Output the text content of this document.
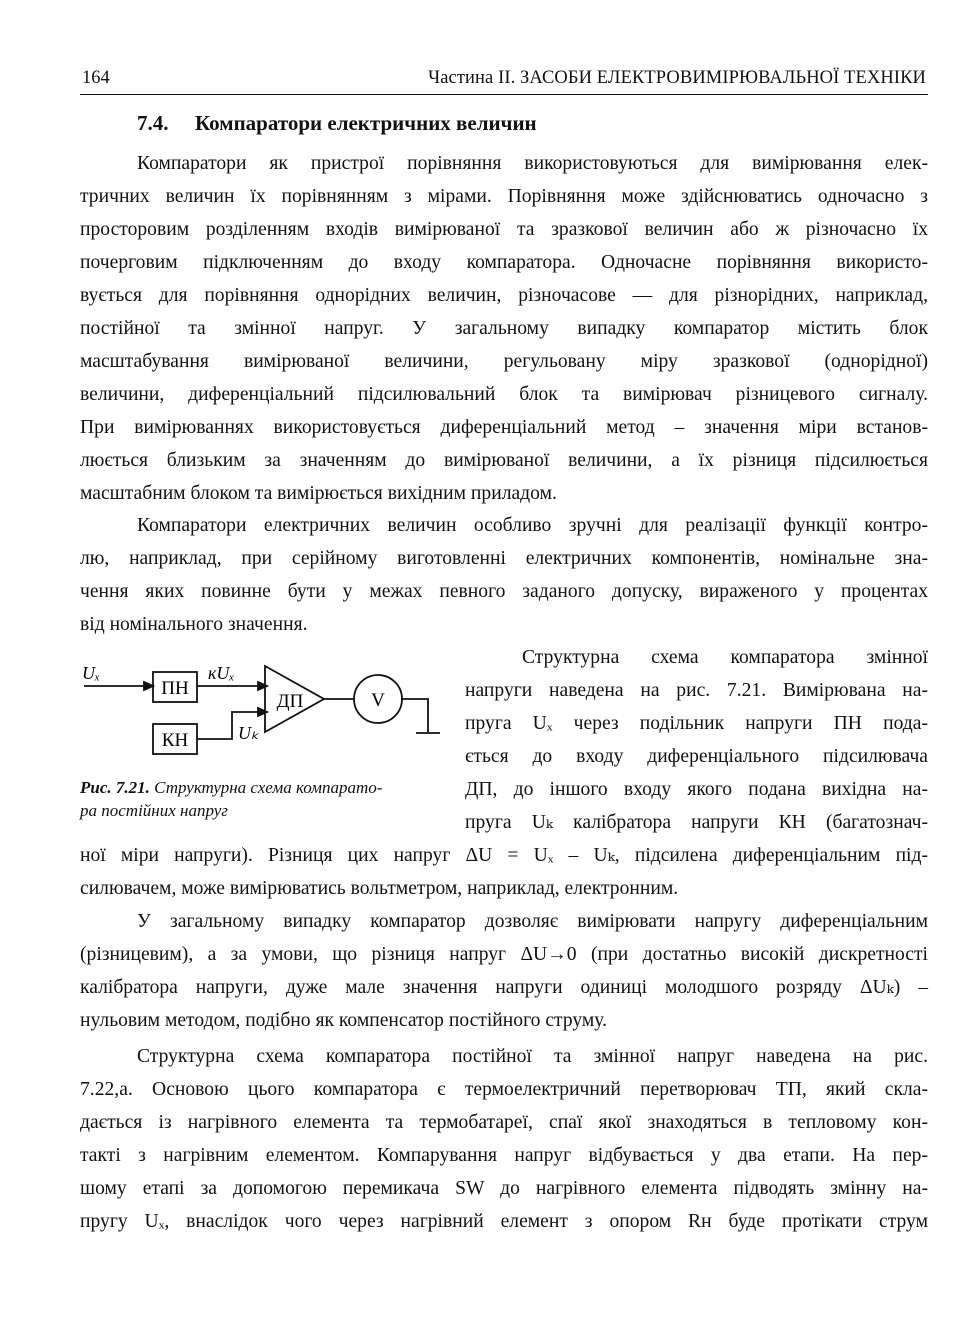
164	Частина ІІ. ЗАСОБИ ЕЛЕКТРОВИМІРЮВАЛЬНОЇ ТЕХНІКИ
7.4. Компаратори електричних величин

Компаратори як пристрої порівняння використовуються для вимірювання елек-
тричних величин їх порівнянням з мірами. Порівняння може здійснюватись одночасно з
просторовим розділенням входів вимірюваної та зразкової величин або ж різночасно їх
почерговим підключенням до входу компаратора. Одночасне порівняння використо-
вується для порівняння однорідних величин, різночасове — для різнорідних, наприклад,
постійної та змінної напруг. У загальному випадку компаратор містить блок
масштабування вимірюваної величини, регульовану міру зразкової (однорідної)
величини, диференціальний підсилювальний блок та вимірювач різницевого сигналу.
При вимірюваннях використовується диференціальний метод – значення міри встанов-
люється близьким за значенням до вимірюваної величини, а їх різниця підсилюється
масштабним блоком та вимірюється вихідним приладом.

Компаратори електричних величин особливо зручні для реалізації функції контро-
лю, наприклад, при серійному виготовленні електричних компонентів, номінальне зна-
чення яких повинне бути у межах певного заданого допуску, вираженого у процентах
від номінального значення.

Uₓ
ПН
кUₓ
ДП
КН	Uₖ
V
Рис. 7.21. Структурна схема компарато-
ра постійних напруг

Структурна схема компаратора змінної
напруги наведена на рис. 7.21. Вимірювана на-
пруга Uₓ через подільник напруги ПН пода-
ється до входу диференціального підсилювача
ДП, до іншого входу якого подана вихідна на-
пруга Uₖ калібратора напруги КН (багатознач-

ної міри напруги). Різниця цих напруг ΔU = Uₓ – Uₖ, підсилена диференціальним під-
силювачем, може вимірюватись вольтметром, наприклад, електронним.

У загальному випадку компаратор дозволяє вимірювати напругу диференціальним
(різницевим), а за умови, що різниця напруг ΔU→0 (при достатньо високій дискретності
калібратора напруги, дуже мале значення напруги одиниці молодшого розряду ΔUₖ) –
нульовим методом, подібно як компенсатор постійного струму.

Структурна схема компаратора постійної та змінної напруг наведена на рис.
7.22,а. Основою цього компаратора є термоелектричний перетворювач ТП, який скла-
дається із нагрівного елемента та термобатареї, спаї якої знаходяться в тепловому кон-
такті з нагрівним елементом. Компарування напруг відбувається у два етапи. На пер-
шому етапі за допомогою перемикача SW до нагрівного елемента підводять змінну на-
пругу Uₓ, внаслідок чого через нагрівний елемент з опором Rн буде протікати струм
